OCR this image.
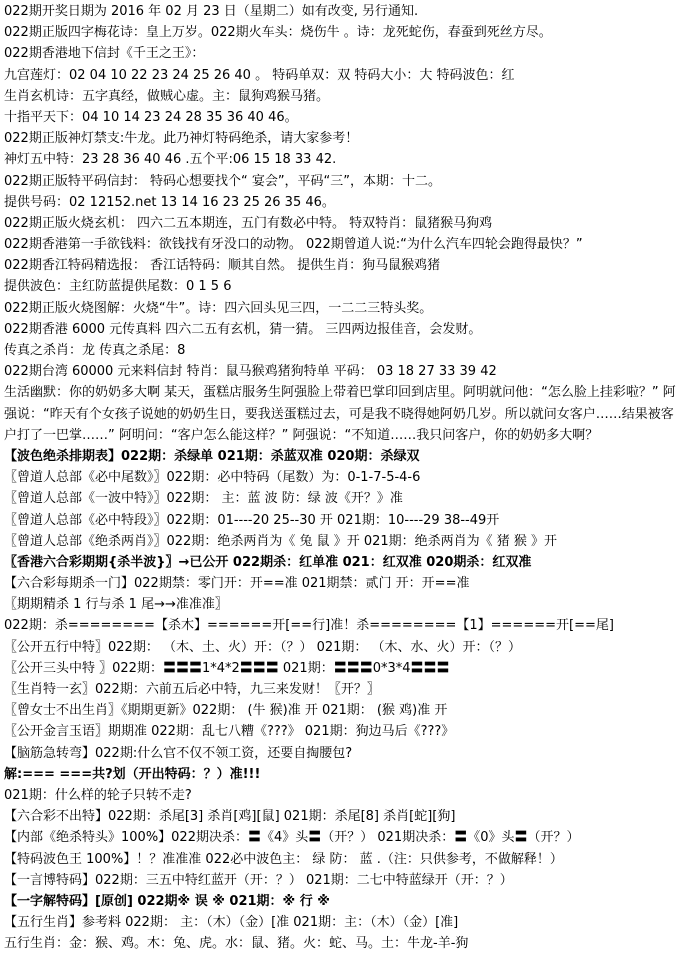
022期开奖日期为 2016 年 02 月 23 日（星期二）如有改变, 另行通知.
022期正版四字梅花诗：皇上万岁。022期火车头：烧伤牛 。诗：龙死蛇伤，春蚕到死丝方尽。
022期香港地下信封《千王之王》：
九宫莲灯：02 04 10 22 23 24 25 26 40 。 特码单双：双 特码大小：大 特码波色：红
生肖玄机诗：五字真经，做贼心虚。主：鼠狗鸡猴马猪。
十指平天下：04 10 14 23 24 28 35 36 40 46。
022期正版神灯禁支:牛龙。此乃神灯特码绝杀，请大家参考！
神灯五中特：23 28 36 40 46 .五个平:06 15 18 33 42.
022期正版特平码信封： 特码心想要找个“ 宴会”，平码“三”，本期：十二。
提供号码：02 12152.net 13 14 16 23 25 26 35 46。
022期正版火烧玄机： 四六二五本期连，五门有数必中特。 特双特肖：鼠猪猴马狗鸡
022期香港第一手欲钱料：欲钱找有牙没口的动物。 022期曾道人说:“为什么汽车四轮会跑得最快？”
022期香江特码精选报： 香江话特码：顺其自然。 提供生肖：狗马鼠猴鸡猪
提供波色：主红防蓝提供尾数：0 1 5 6
022期正版火烧图解：火烧“牛”。诗：四六回头见三四，一二二三特头奖。
022期香港 6000 元传真料 四六二五有玄机，猜一猜。 三四两边报佳音，会发财。
传真之杀肖：龙 传真之杀尾：8
022期台湾 60000 元来料信封 特肖：鼠马猴鸡猪狗特单 平码： 03 18 27 33 39 42
生活幽默：你的奶奶多大啊 某天，蛋糕店服务生阿强脸上带着巴掌印回到店里。阿明就问他：“怎么脸上挂彩啦？” 阿强说：“昨天有个女孩子说她的奶奶生日，要我送蛋糕过去，可是我不晓得她阿奶几岁。所以就问女客户……结果被客户打了一巴掌……” 阿明问：“客户怎么能这样？” 阿强说：“不知道……我只问客户，你的奶奶多大啊？
【波色绝杀排期表】022期：杀绿单 021期：杀蓝双准 020期：杀绿双
〖曾道人总部《必中尾数》〗022期：必中特码（尾数）为：0-1-7-5-4-6
〖曾道人总部《一波中特》〗022期： 主：蓝 波 防：绿 波《开？》准
〖曾道人总部《必中特段》〗022期：01----20 25--30 开 021期：10----29 38--49开
〖曾道人总部《绝杀两肖》〗022期：绝杀两肖为《 兔 鼠 》开 021期：绝杀两肖为《 猪 猴 》开
〖香港六合彩期期{杀半波}〗→已公开 022期杀：红单准 021：红双准 020期杀：红双准
【六合彩每期杀一门】022期禁：零门开：开==准 021期禁：贰门 开：开==准
〖期期精杀 1 行与杀 1 尾→→准准准〗
022期：杀========【杀木】======开[==行]准！杀========【1】======开[==尾]
〖公开五行中特〗022期： （木、土、火）开：（？） 021期： （木、水、火）开：（？）
〖公开三头中特 〗022期：〓〓〓1*4*2〓〓〓 021期：〓〓〓0*3*4〓〓〓
〖生肖特一玄〗022期：六前五后必中特，九三来发财！〖开？〗
〖曾女士不出生肖〗《期期更新》022期： (牛 猴)准 开 021期： (猴 鸡)准 开
〖公开金言玉语〗期期准 022期：乱七八糟《???》 021期：狗边马后《???》
【脑筋急转弯】022期:什么官不仅不领工资，还要自掏腰包?
解:=== ===共?划（开出特码：？）准!!!
021期：什么样的轮子只转不走?
【六合彩不出特】022期：杀尾[3] 杀肖[鸡][鼠] 021期：杀尾[8] 杀肖[蛇][狗]
【内部《绝杀特头》100%】022期决杀：〓《4》头〓（开？） 021期决杀：〓《0》头〓（开？）
【特码波色王 100%】！？准准准 022必中波色主： 绿 防： 蓝 .（注：只供参考，不做解释！）
【一言博特码】022期：三五中特红蓝开（开：？） 021期：二七中特蓝绿开（开：？）
【一字解特码】[原创] 022期※ 误 ※ 021期：※ 行 ※
【五行生肖】参考料 022期： 主：（木）（金）[准 021期：主：（木）（金）[准]
五行生肖：金：猴、鸡。木：兔、虎。水：鼠、猪。火：蛇、马。土：牛龙-羊-狗
